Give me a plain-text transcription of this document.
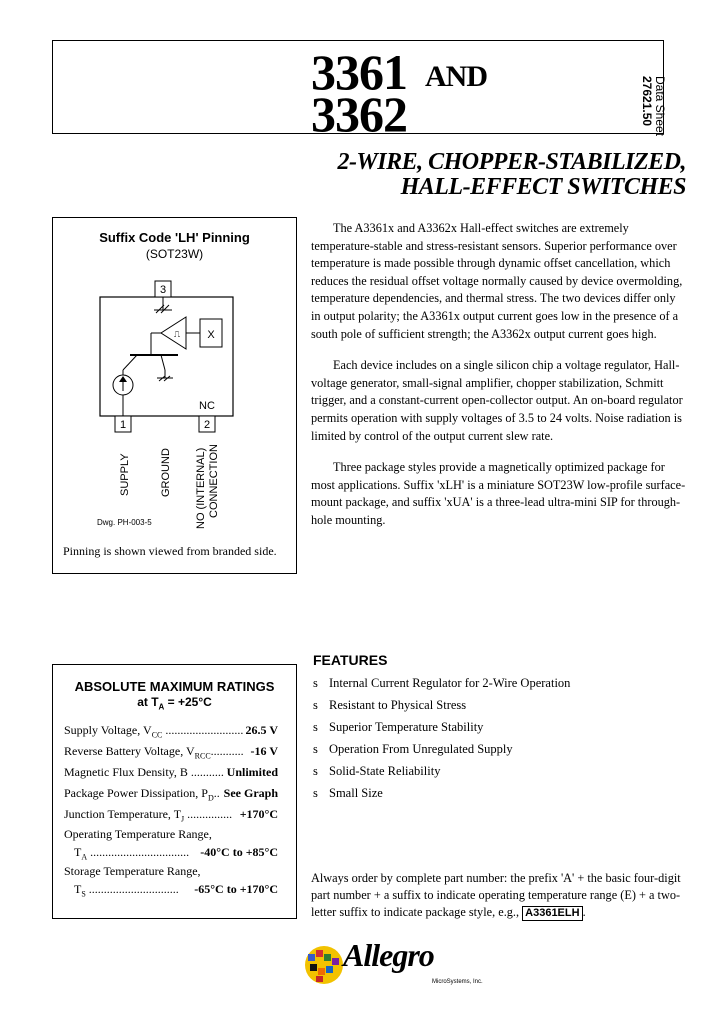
3361 AND
3362	Data Sheet
27621.50
2-WIRE, CHOPPER-STABILIZED,
HALL-EFFECT SWITCHES
Suffix Code 'LH' Pinning
(SOT23W)
3
1	2
NC
⎍ X
SUPPLY	GROUND NO (INTERNAL) CONNECTION
Dwg. PH-003-5
Pinning is shown viewed from branded side.
ABSOLUTE MAXIMUM RATINGS
at $T_A = +25^\circ C$
Supply Voltage, $V_{CC}$ .......................... 26.5 V
Reverse Battery Voltage, $V_{RCC}$........... -16 V
Magnetic Flux Density, B ........... Unlimited
Package Power Dissipation, $P_D$.. See Graph
Junction Temperature, $T_J$ ............... +170°C
Operating Temperature Range,
$T_A$ ................................. -40°C to +85°C
Storage Temperature Range,
$T_S$ .............................. -65°C to +170°C

The A3361x and A3362x Hall-effect switches are extremely temperature-stable and stress-resistant sensors. Superior performance over temperature is made possible through dynamic offset cancellation, which reduces the residual offset voltage normally caused by device overmolding, temperature dependencies, and thermal stress. The two devices differ only in output polarity; the A3361x output current goes low in the presence of a south pole of sufficient strength; the A3362x output current goes high.

Each device includes on a single silicon chip a voltage regulator, Hall-voltage generator, small-signal amplifier, chopper stabilization, Schmitt trigger, and a constant-current open-collector output. An on-board regulator permits operation with supply voltages of 3.5 to 24 volts. Noise radiation is limited by control of the output current slew rate.

Three package styles provide a magnetically optimized package for most applications. Suffix 'xLH' is a miniature SOT23W low-profile surface-mount package, and suffix 'xUA' is a three-lead ultra-mini SIP for through-hole mounting.

FEATURES
s Internal Current Regulator for 2-Wire Operation
s Resistant to Physical Stress
s Superior Temperature Stability
s Operation From Unregulated Supply
s Solid-State Reliability
s Small Size
Always order by complete part number: the prefix 'A' + the basic four-digit part number + a suffix to indicate operating temperature range (E) + a two-letter suffix to indicate package style, e.g., A3361ELH .
Allegro
MicroSystems, Inc.
